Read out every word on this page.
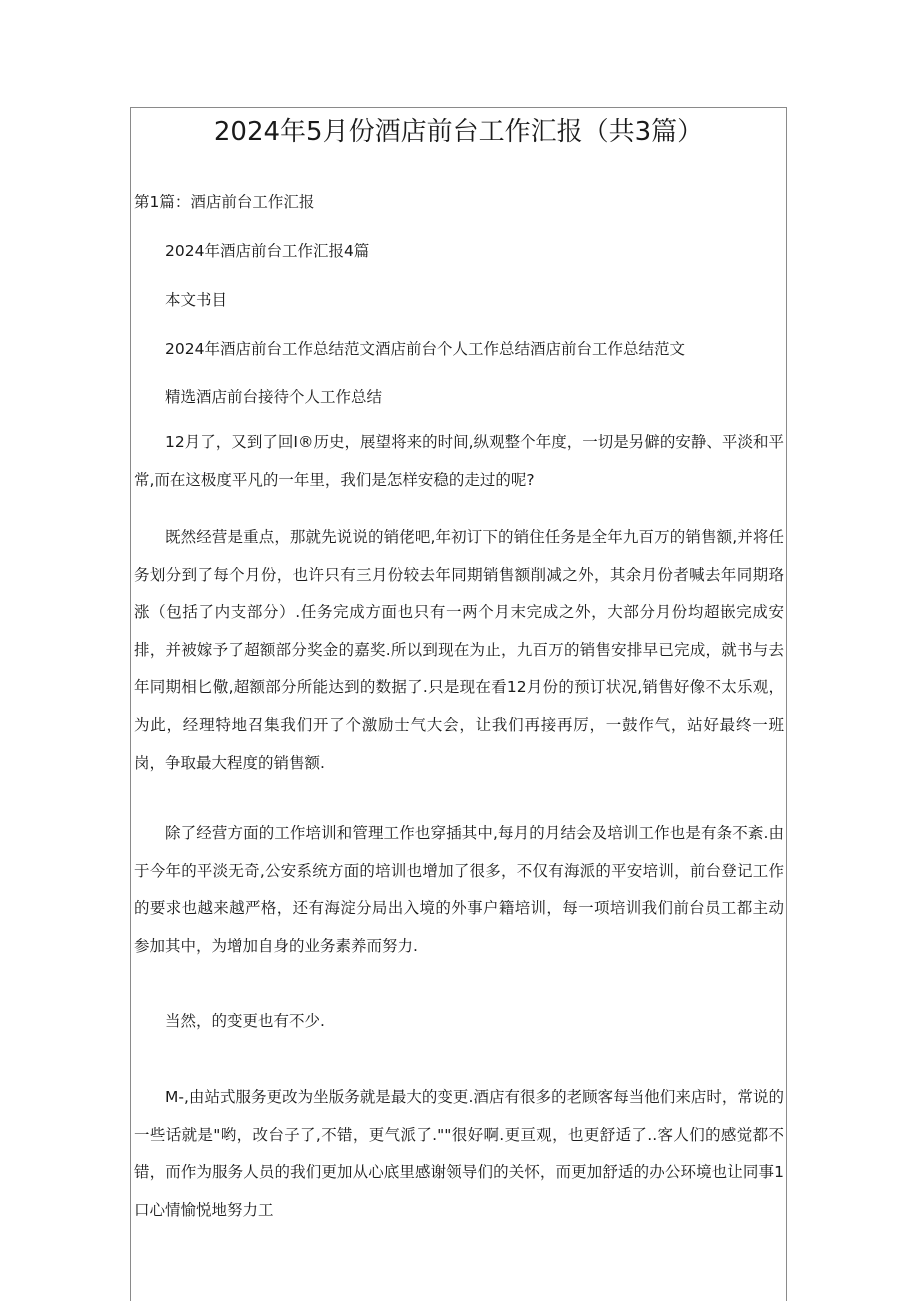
2024年5月份酒店前台工作汇报（共3篇）
第1篇：酒店前台工作汇报
2024年酒店前台工作汇报4篇
本文书目
2024年酒店前台工作总结范文酒店前台个人工作总结酒店前台工作总结范文
精选酒店前台接待个人工作总结
12月了，又到了回I®历史，展望将来的时间,纵观整个年度，一切是另僻的安静、平淡和平常,而在这极度平凡的一年里，我们是怎样安稳的走过的呢?
既然经营是重点，那就先说说的销佬吧,年初订下的销住任务是全年九百万的销售额,并将任务划分到了每个月份，也许只有三月份较去年同期销售额削减之外，其余月份者喊去年同期珞涨（包括了内支部分）.任务完成方面也只有一两个月末完成之外，大部分月份均超嵌完成安排，并被嫁予了超额部分奖金的嘉奖.所以到现在为止，九百万的销售安排早已完成，就书与去年同期相匕儆,超额部分所能达到的数据了.只是现在看12月份的预订状况,销售好像不太乐观，为此，经理特地召集我们开了个激励士气大会，让我们再接再厉，一鼓作气，站好最终一班岗，争取最大程度的销售额.
除了经营方面的工作培训和管理工作也穿插其中,每月的月结会及培训工作也是有条不紊.由于今年的平淡无奇,公安系统方面的培训也增加了很多，不仅有海派的平安培训，前台登记工作的要求也越来越严格，还有海淀分局出入境的外事户籍培训，每一项培训我们前台员工都主动参加其中，为增加自身的业务素养而努力.
当然，的变更也有不少.
M-,由站式服务更改为坐版务就是最大的变更.酒店有很多的老顾客每当他们来店时，常说的一些话就是"哟，改台子了,不错，更气派了.""很好啊.更亘观，也更舒适了..客人们的感觉都不错，而作为服务人员的我们更加从心底里感谢领导们的关怀，而更加舒适的办公环境也让同事1口心情愉悦地努力工
